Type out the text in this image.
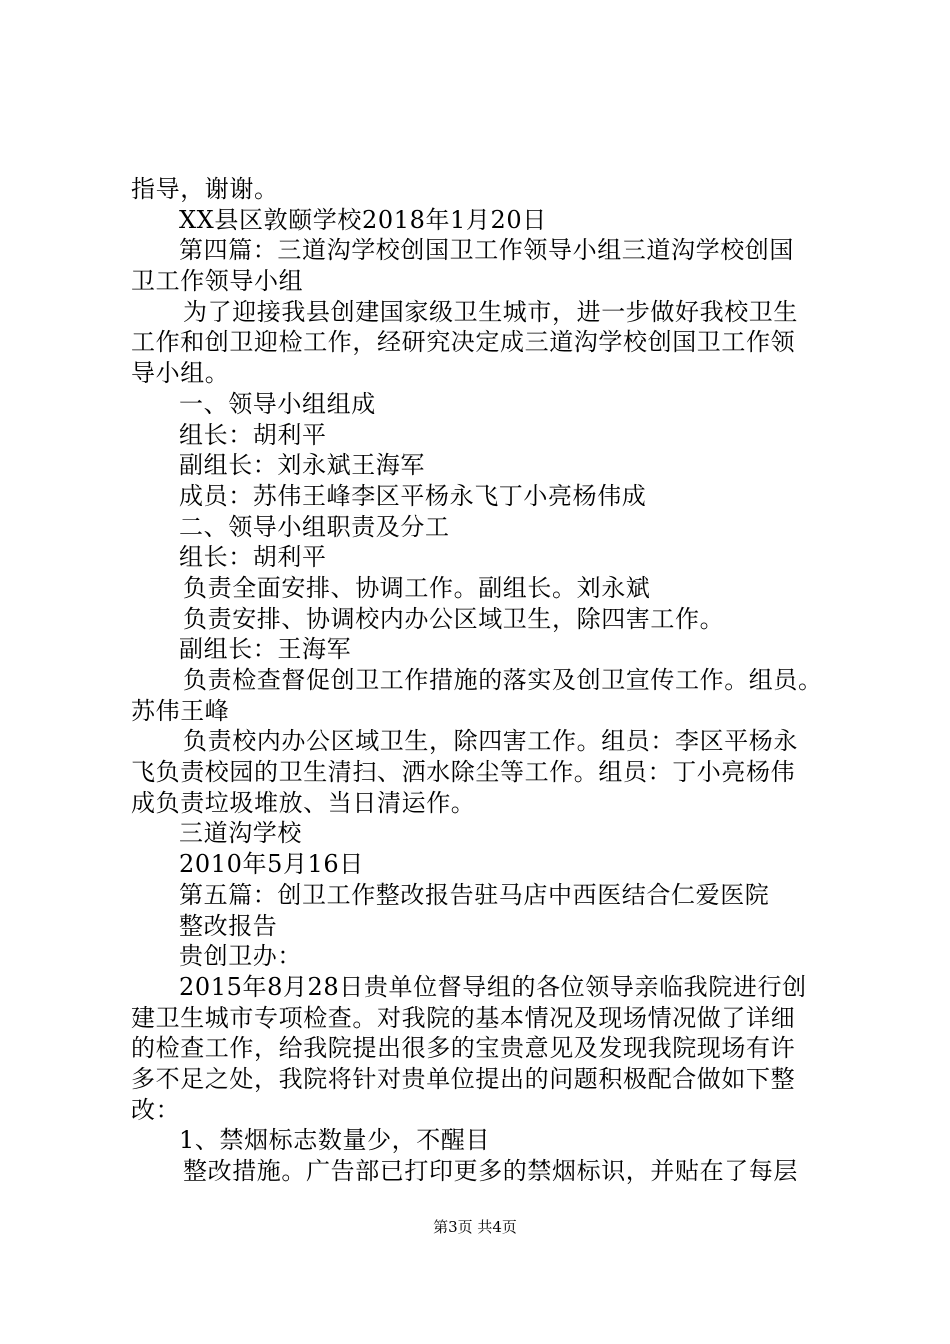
指导，谢谢。
XX县区敦颐学校2018年1月20日
第四篇：三道沟学校创国卫工作领导小组三道沟学校创国
卫工作领导小组
为了迎接我县创建国家级卫生城市，进一步做好我校卫生
工作和创卫迎检工作，经研究决定成三道沟学校创国卫工作领
导小组。
一、领导小组组成
组长：胡利平
副组长：刘永斌王海军
成员：苏伟王峰李区平杨永飞丁小亮杨伟成
二、领导小组职责及分工
组长：胡利平
负责全面安排、协调工作。副组长。刘永斌
负责安排、协调校内办公区域卫生，除四害工作。
副组长：王海军
负责检查督促创卫工作措施的落实及创卫宣传工作。组员。
苏伟王峰
负责校内办公区域卫生，除四害工作。组员：李区平杨永
飞负责校园的卫生清扫、洒水除尘等工作。组员：丁小亮杨伟
成负责垃圾堆放、当日清运作。
三道沟学校
2010年5月16日
第五篇：创卫工作整改报告驻马店中西医结合仁爱医院
整改报告
贵创卫办：
2015年8月28日贵单位督导组的各位领导亲临我院进行创
建卫生城市专项检查。对我院的基本情况及现场情况做了详细
的检查工作，给我院提出很多的宝贵意见及发现我院现场有许
多不足之处，我院将针对贵单位提出的问题积极配合做如下整
改：
1、禁烟标志数量少，不醒目
整改措施。广告部已打印更多的禁烟标识，并贴在了每层
第3页 共4页
